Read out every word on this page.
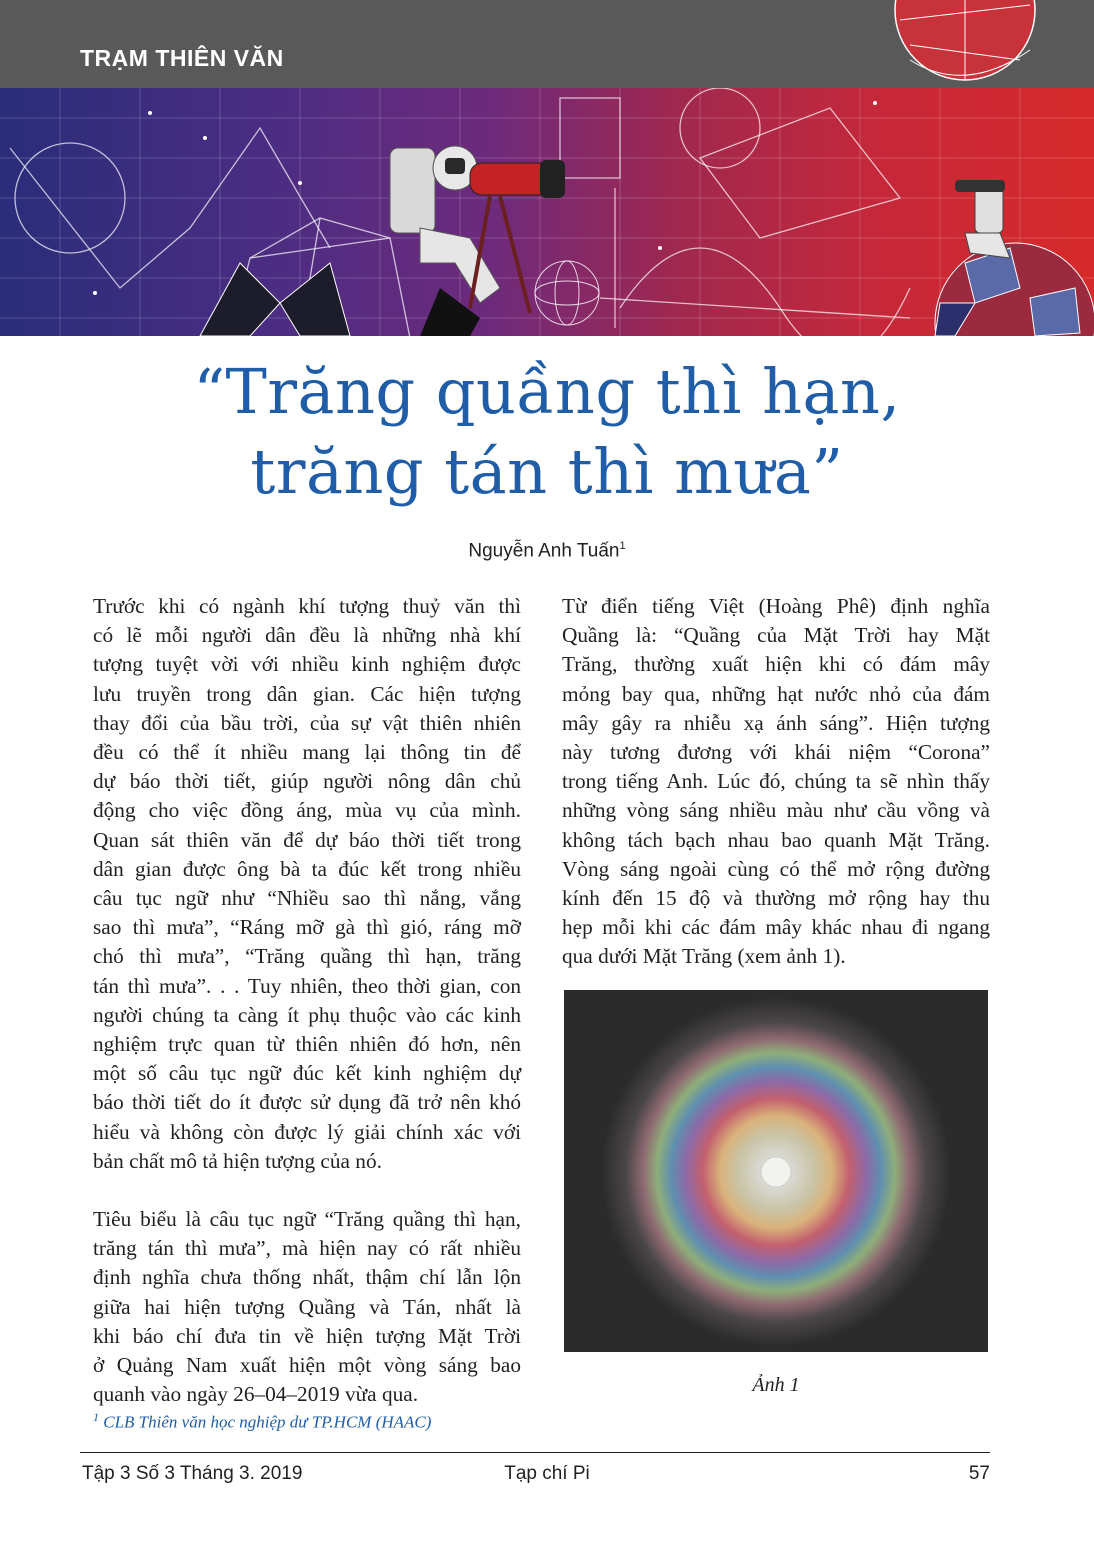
TRẠM THIÊN VĂN
“Trăng quầng thì hạn,
trăng tán thì mưa”
Nguyễn Anh Tuấn$^1$

Trước khi có ngành khí tượng thuỷ văn thì
có lẽ mỗi người dân đều là những nhà khí
tượng tuyệt vời với nhiều kinh nghiệm được
lưu truyền trong dân gian. Các hiện tượng
thay đổi của bầu trời, của sự vật thiên nhiên
đều có thể ít nhiều mang lại thông tin để
dự báo thời tiết, giúp người nông dân chủ
động cho việc đồng áng, mùa vụ của mình.
Quan sát thiên văn để dự báo thời tiết trong
dân gian được ông bà ta đúc kết trong nhiều
câu tục ngữ như “Nhiều sao thì nắng, vắng
sao thì mưa”, “Ráng mỡ gà thì gió, ráng mỡ
chó thì mưa”, “Trăng quầng thì hạn, trăng
tán thì mưa”. . . Tuy nhiên, theo thời gian, con
người chúng ta càng ít phụ thuộc vào các kinh
nghiệm trực quan từ thiên nhiên đó hơn, nên
một số câu tục ngữ đúc kết kinh nghiệm dự
báo thời tiết do ít được sử dụng đã trở nên khó
hiểu và không còn được lý giải chính xác với
bản chất mô tả hiện tượng của nó.

Tiêu biểu là câu tục ngữ “Trăng quầng thì hạn,
trăng tán thì mưa”, mà hiện nay có rất nhiều
định nghĩa chưa thống nhất, thậm chí lẫn lộn
giữa hai hiện tượng Quầng và Tán, nhất là
khi báo chí đưa tin về hiện tượng Mặt Trời
ở Quảng Nam xuất hiện một vòng sáng bao
quanh vào ngày 26–04–2019 vừa qua.

Từ điển tiếng Việt (Hoàng Phê) định nghĩa
Quầng là: “Quầng của Mặt Trời hay Mặt
Trăng, thường xuất hiện khi có đám mây
mỏng bay qua, những hạt nước nhỏ của đám
mây gây ra nhiễu xạ ánh sáng”. Hiện tượng
này tương đương với khái niệm “Corona”
trong tiếng Anh. Lúc đó, chúng ta sẽ nhìn thấy
những vòng sáng nhiều màu như cầu vồng và
không tách bạch nhau bao quanh Mặt Trăng.
Vòng sáng ngoài cùng có thể mở rộng đường
kính đến 15 độ và thường mở rộng hay thu
hẹp mỗi khi các đám mây khác nhau đi ngang
qua dưới Mặt Trăng (xem ảnh 1).

Ảnh 1
$^1$ CLB Thiên văn học nghiệp dư TP.HCM (HAAC)
Tập 3 Số 3 Tháng 3. 2019	Tạp chí Pi	57
